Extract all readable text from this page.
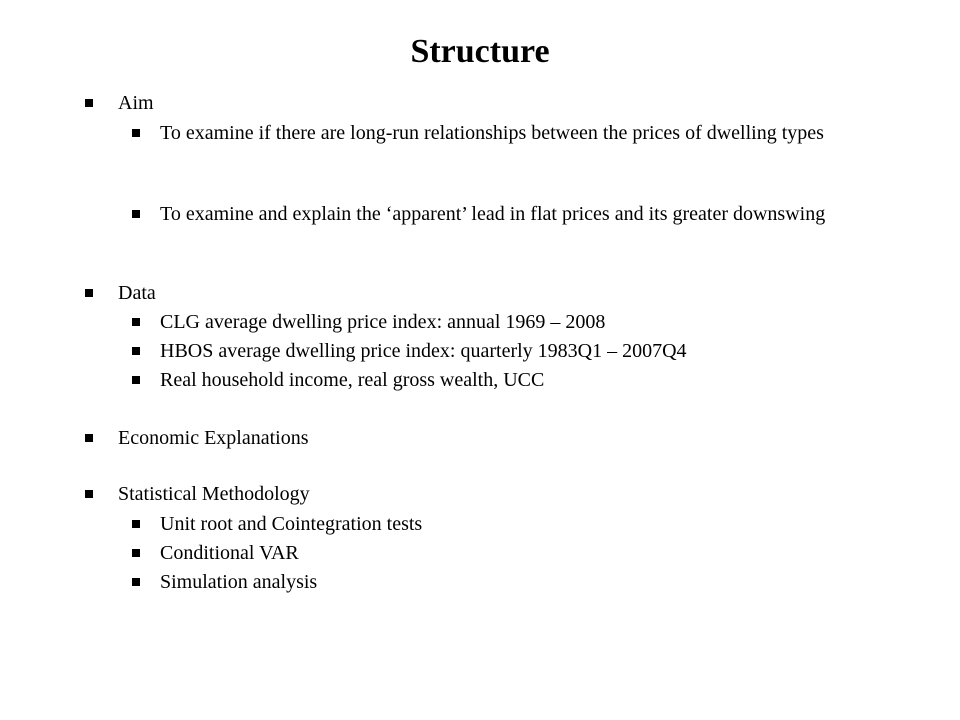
Structure
Aim
To examine if there are long-run relationships between the prices of dwelling types
To examine and explain the ‘apparent’ lead in flat prices and its greater downswing
Data
CLG average dwelling price index: annual 1969 – 2008
HBOS average dwelling price index: quarterly 1983Q1 – 2007Q4
Real household income, real gross wealth, UCC
Economic Explanations
Statistical Methodology
Unit root and Cointegration tests
Conditional VAR
Simulation analysis
